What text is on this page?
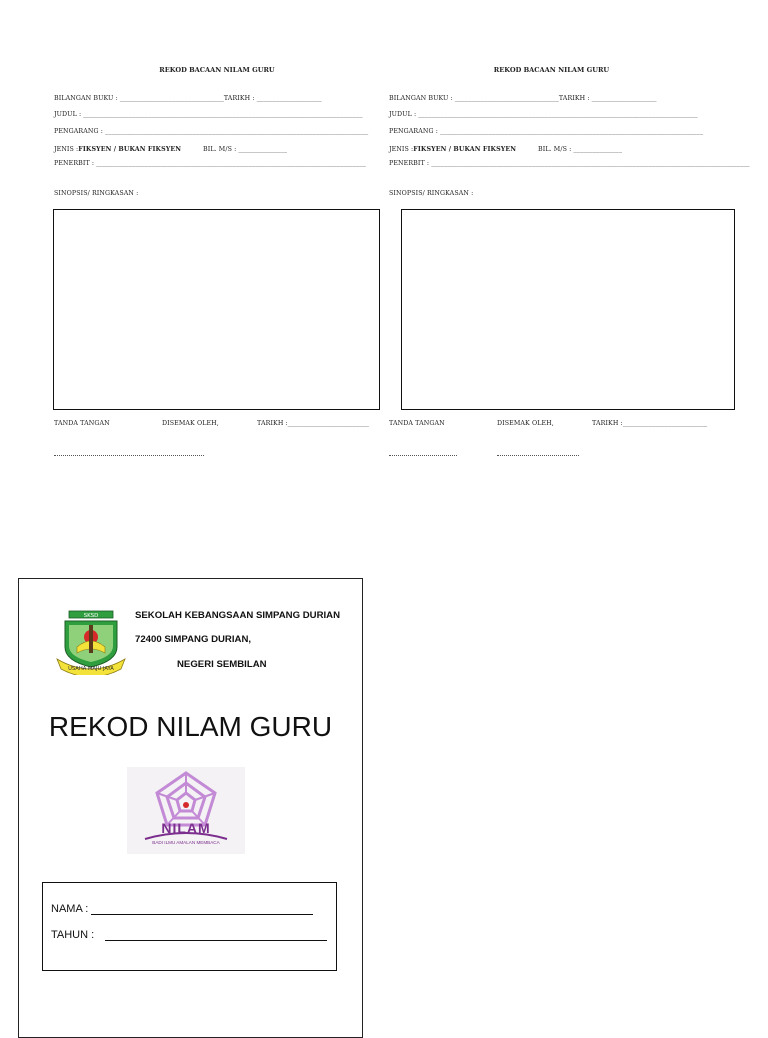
REKOD BACAAN NILAM GURU
BILANGAN BUKU : ________________________________TARIKH : ____________________
JUDUL : ______________________________________________________________________________________
PENGARANG : _________________________________________________________________________________
JENIS :FIKSYEN / BUKAN FIKSYEN	BIL. M/S : _______________
PENERBIT : ___________________________________________________________________________________
SINOPSIS/ RINGKASAN :
TANDA TANGAN	DISEMAK OLEH,	TARIKH :_________________________
REKOD BACAAN NILAM GURU
BILANGAN BUKU : ________________________________TARIKH : ____________________
JUDUL : ______________________________________________________________________________________
PENGARANG : _________________________________________________________________________________
JENIS :FIKSYEN / BUKAN FIKSYEN	BIL. M/S : _______________
PENERBIT : __________________________________________________________________________________________________
SINOPSIS/ RINGKASAN :
TANDA TANGAN	DISEMAK OLEH,	TARIKH :__________________________
SKSD
USAHA MAJU JAYA
SEKOLAH KEBANGSAAN SIMPANG DURIAN
72400 SIMPANG DURIAN,
NEGERI SEMBILAN
REKOD NILAM GURU
NILAM
BADI ILMU AMALAN MEMBACA
NAMA :
TAHUN :
